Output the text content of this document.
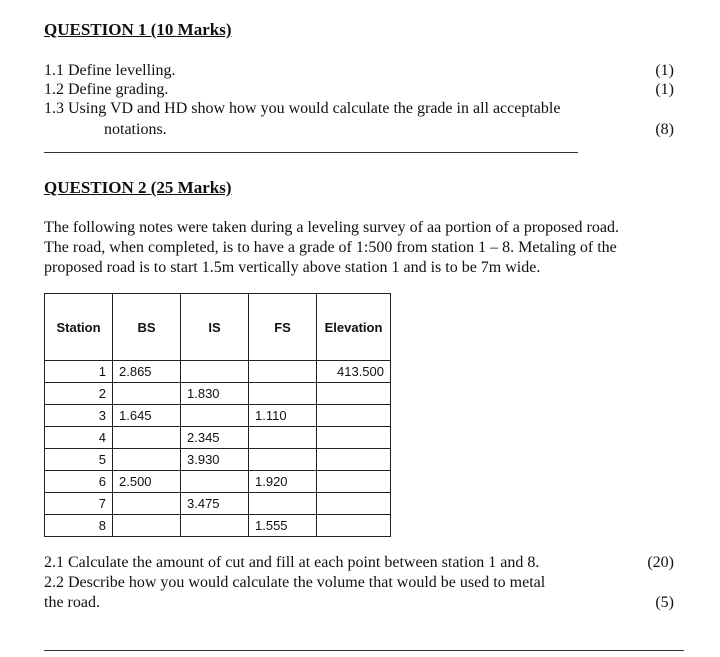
QUESTION 1 (10 Marks)
1.1 Define levelling.	(1)
1.2 Define grading.	(1)
1.3 Using VD and HD show how you would calculate the grade in all acceptable
notations.	(8)
QUESTION 2 (25 Marks)
The following notes were taken during a leveling survey of aa portion of a proposed road.
The road, when completed, is to have a grade of 1:500 from station 1 – 8. Metaling of the
proposed road is to start 1.5m vertically above station 1 and is to be 7m wide.
Station	BS	IS	FS	Elevation
1	2.865			413.500
2		1.830		
3	1.645		1.110	
4		2.345		
5		3.930		
6	2.500		1.920	
7		3.475		
8			1.555	
2.1 Calculate the amount of cut and fill at each point between station 1 and 8.	(20)
2.2 Describe how you would calculate the volume that would be used to metal
the road.	(5)
